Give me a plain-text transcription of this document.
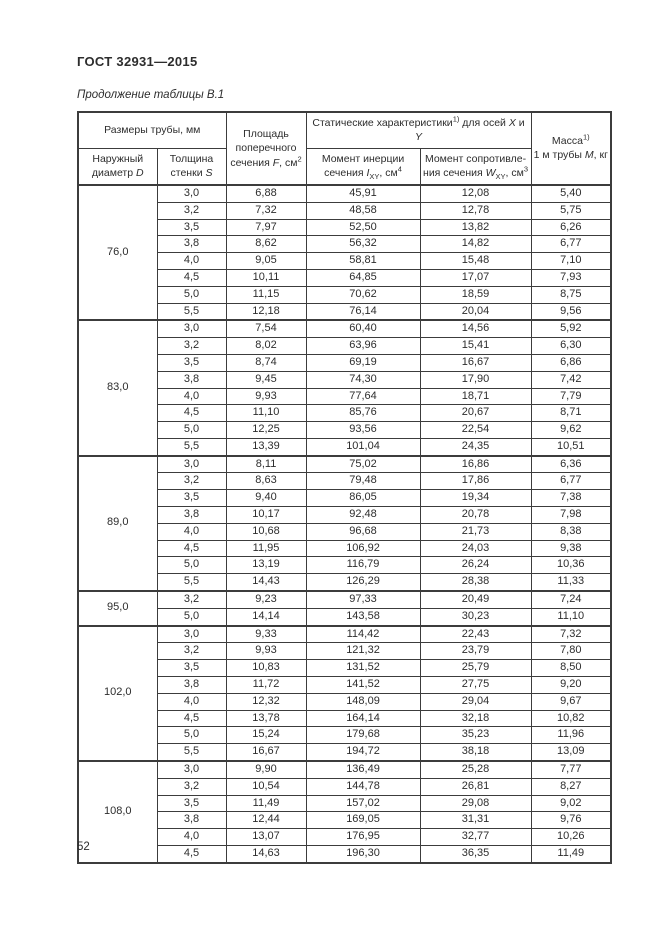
ГОСТ 32931—2015
Продолжение таблицы В.1
Размеры трубы, мм		Площадь
поперечного
сечения F, $см^2$	Статические характеристики$^{1)}$ для осей X и Y		Масса$^{1)}$
1 м трубы M, кг
Наружный
диаметр D	Толщина
стенки S		Момент инерции
сечения $I_{XY}$, $см^4$	Момент сопротивле-
ния сечения $W_{XY}$, $см^3$
76,0	3,0	6,88	45,91	12,08	5,40
	3,2	7,32	48,58	12,78	5,75
	3,5	7,97	52,50	13,82	6,26
	3,8	8,62	56,32	14,82	6,77
	4,0	9,05	58,81	15,48	7,10
	4,5	10,11	64,85	17,07	7,93
	5,0	11,15	70,62	18,59	8,75
	5,5	12,18	76,14	20,04	9,56
83,0	3,0	7,54	60,40	14,56	5,92
	3,2	8,02	63,96	15,41	6,30
	3,5	8,74	69,19	16,67	6,86
	3,8	9,45	74,30	17,90	7,42
	4,0	9,93	77,64	18,71	7,79
	4,5	11,10	85,76	20,67	8,71
	5,0	12,25	93,56	22,54	9,62
	5,5	13,39	101,04	24,35	10,51
89,0	3,0	8,11	75,02	16,86	6,36
	3,2	8,63	79,48	17,86	6,77
	3,5	9,40	86,05	19,34	7,38
	3,8	10,17	92,48	20,78	7,98
	4,0	10,68	96,68	21,73	8,38
	4,5	11,95	106,92	24,03	9,38
	5,0	13,19	116,79	26,24	10,36
	5,5	14,43	126,29	28,38	11,33
95,0	3,2	9,23	97,33	20,49	7,24
	5,0	14,14	143,58	30,23	11,10
102,0	3,0	9,33	114,42	22,43	7,32
	3,2	9,93	121,32	23,79	7,80
	3,5	10,83	131,52	25,79	8,50
	3,8	11,72	141,52	27,75	9,20
	4,0	12,32	148,09	29,04	9,67
	4,5	13,78	164,14	32,18	10,82
	5,0	15,24	179,68	35,23	11,96
	5,5	16,67	194,72	38,18	13,09
108,0	3,0	9,90	136,49	25,28	7,77
	3,2	10,54	144,78	26,81	8,27
	3,5	11,49	157,02	29,08	9,02
	3,8	12,44	169,05	31,31	9,76
	4,0	13,07	176,95	32,77	10,26
	4,5	14,63	196,30	36,35	11,49
52
